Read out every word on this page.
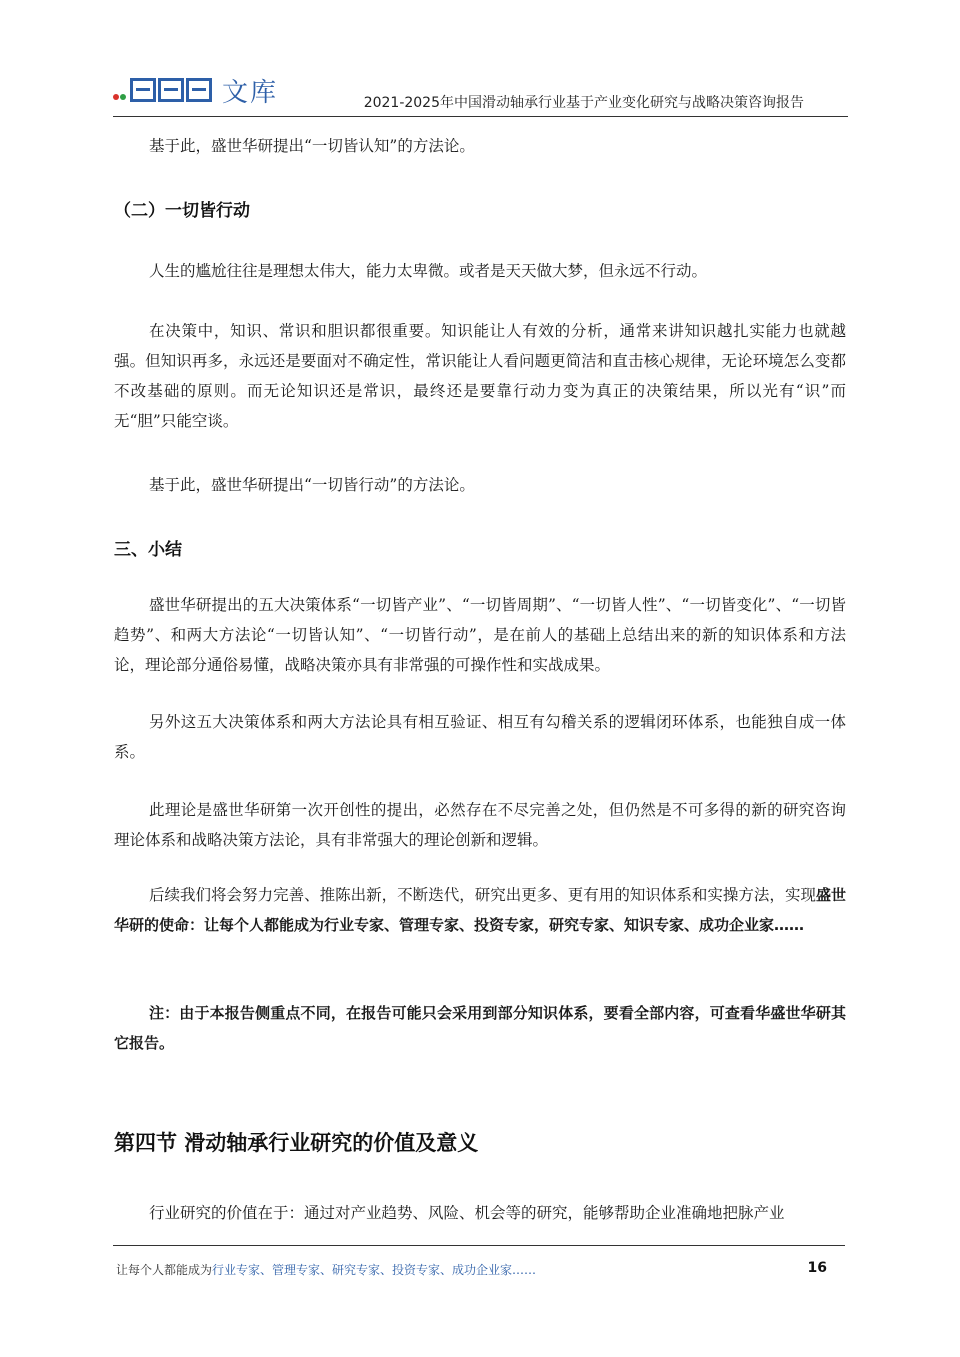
文库	2021-2025年中国滑动轴承行业基于产业变化研究与战略决策咨询报告

基于此，盛世华研提出“一切皆认知”的方法论。

（二）一切皆行动

人生的尴尬往往是理想太伟大，能力太卑微。或者是天天做大梦，但永远不行动。

在决策中，知识、常识和胆识都很重要。知识能让人有效的分析，通常来讲知识越扎实能力也就越强。但知识再多，永远还是要面对不确定性，常识能让人看问题更简洁和直击核心规律，无论环境怎么变都不改基础的原则。而无论知识还是常识，最终还是要靠行动力变为真正的决策结果，所以光有“识”而无“胆”只能空谈。

基于此，盛世华研提出“一切皆行动”的方法论。

三、小结

盛世华研提出的五大决策体系“一切皆产业”、“一切皆周期”、“一切皆人性”、“一切皆变化”、“一切皆趋势”、和两大方法论“一切皆认知”、“一切皆行动”，是在前人的基础上总结出来的新的知识体系和方法论，理论部分通俗易懂，战略决策亦具有非常强的可操作性和实战成果。

另外这五大决策体系和两大方法论具有相互验证、相互有勾稽关系的逻辑闭环体系，也能独自成一体系。

此理论是盛世华研第一次开创性的提出，必然存在不尽完善之处，但仍然是不可多得的新的研究咨询理论体系和战略决策方法论，具有非常强大的理论创新和逻辑。

后续我们将会努力完善、推陈出新，不断迭代，研究出更多、更有用的知识体系和实操方法，实现盛世华研的使命：让每个人都能成为行业专家、管理专家、投资专家，研究专家、知识专家、成功企业家……

注：由于本报告侧重点不同，在报告可能只会采用到部分知识体系，要看全部内容，可查看华盛世华研其它报告。

第四节 滑动轴承行业研究的价值及意义

行业研究的价值在于：通过对产业趋势、风险、机会等的研究，能够帮助企业准确地把脉产业

让每个人都能成为行业专家、管理专家、研究专家、投资专家、成功企业家……	16
